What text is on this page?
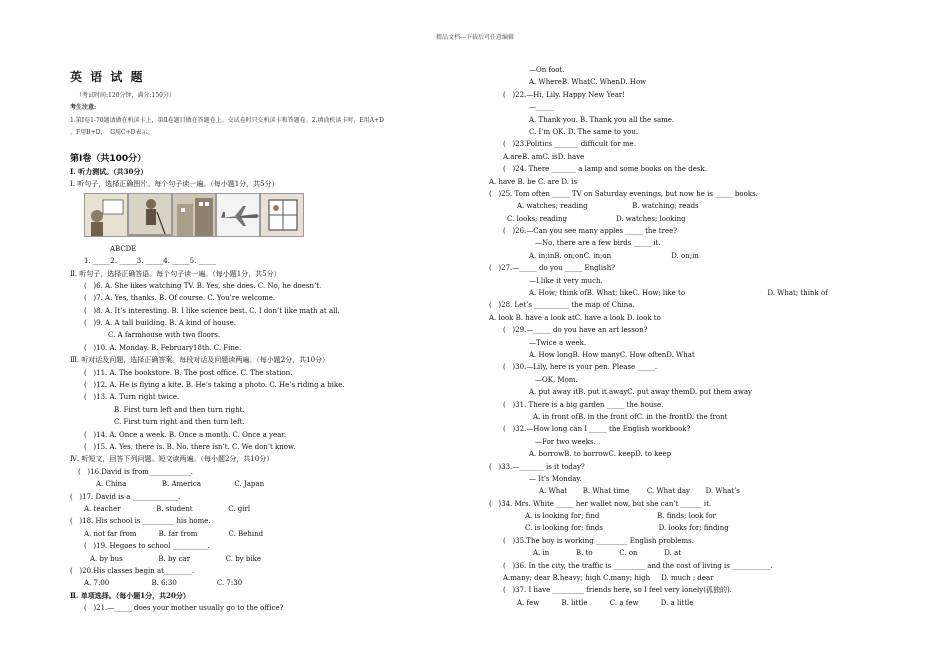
精品文档---下载后可任意编辑
英 语 试 题
（考试时间:120分钟，满分:150分）
考生注意:
1.第Ⅰ卷1-70题请做在机读卡上，第Ⅱ卷题目做在答题卷上。交试卷时只交机读卡和答题卷。2.填涂机读卡时，E用A+D
，F用B+D，  G用C+D表示。
第Ⅰ卷（共100分）
Ⅰ. 听力测试。（共30分）
I. 听句子，选择正确图片。每个句子读一遍。（每小题1分，共5分）
ABCDE
1. _____2. _____3. _____4. _____5. _____
Ⅱ. 听句子，选择正确答语。每个句子读一遍。（每小题1分，共5分）
(   )6. A. She likes watching TV. B. Yes, she does. C. No, he doesn’t.
(   )7. A. Yes, thanks. B. Of course. C. You’re welcome.
(   )8. A. It’s interesting. B. I like science best. C. I don’t like math at all.
(   )9. A. A tall building. B. A kind of house.
C. A farmhouse with two floors.
(   )10. A. Monday. B. February18th. C. Fine.
Ⅲ. 听对话及问题，选择正确答案。每段对话及问题读两遍。（每小题2分，共10分）
(   )11. A. The bookstore. B. The post office. C. The station.
(   )12. A. He is flying a kite. B. He’s taking a photo. C. He’s riding a bike.
(   )13. A. Turn right twice.
B. First turn left and then turn right.
C. First turn right and then turn left.
(   )14. A. Once a week. B. Once a month. C. Once a year.
(   )15. A. Yes, there is. B. No, there isn’t. C. We don’t know.
Ⅳ. 听短文，回答下列问题。短文读两遍。（每小题2分，共10分）
(   )16.David is from____________.
A. China                B. America               C. Japan
(   )17. David is a _____________.
A. teacher                B. student                C. girl
(   )18. His school is _________ his home.
A. not far from          B. far from              C. Behind
(   )19. Hegoes to school __________.
A. by bus                B. by car                C. by bike
(   )20.His classes begin at________.
A. 7:00                   B. 6:30                  C. 7:30
Ⅱ. 单项选择。（每小题1分，共20分）
(   )21.—_____ does your mother usually go to the office?
—On foot.
A. WhereB. WhatC. WhenD. How
(   )22.—Hi, Lily. Happy New Year!
—_____
A. Thank you. B. Thank you all the same.
C. I’m OK. D. The same to you.
(   )23.Politics _______ difficult for me.
A.areB. amC. isD. have
(   )24. There _______ a lamp and some books on the desk.
A. have B. be C. are D. is
(   )25. Tom often _____ TV on Saturday evenings, but now he is _____ books.
A. watches; reading                    B. watching; reads
C. looks; reading                      D. watches; looking
(   )26.—Can you see many apples _____ the tree?
—No, there are a few birds _____ it.
A. in;inB. on;onC. in;on                           D. on;in
(   )27.—_____ do you _____ English?
—I like it very much.
A. How; think ofB. What; likeC. How; like to                                     D. What; think of
(   )28. Let’s __________ the map of China.
A. look B. have a look atC. have a look D. look to
(   )29.—_____ do you have an art lesson?
—Twice a week.
A. How longB. How manyC. How oftenD. What
(   )30.—Lily, here is your pen. Please _____.
—OK, Mom.
A. put away itB. put it awayC. put away themD. put them away
(   )31. There is a big garden _____ the house.
A. in front ofB. in the front ofC. in the frontD. the front
(   )32.—How long can I _____ the English workbook?
—For two weeks.
A. borrowB. to borrowC. keepD. to keep
(   )33.—_______ is it today?
— It’s Monday.
A. What       B. What time        C. What day       D. What’s
(   )34. Mrs. White _____ her wallet now, but she can’t ______ it.
A. is looking for; find                          B. finds; look for
C. is looking for; finds                         D. looks for; finding
(   )35.The boy is working _________ English problems.
A. in            B. to            C. on            D. at
(   )36. In the city, the traffic is _________ and the cost of living is ___________.
A.many; dear B.heavy; high C.many; high     D. much ; dear
(   )37. I have _________ friends here, so I feel very lonely(孤独的).
A. few          B. little          C. a few          D. a little
